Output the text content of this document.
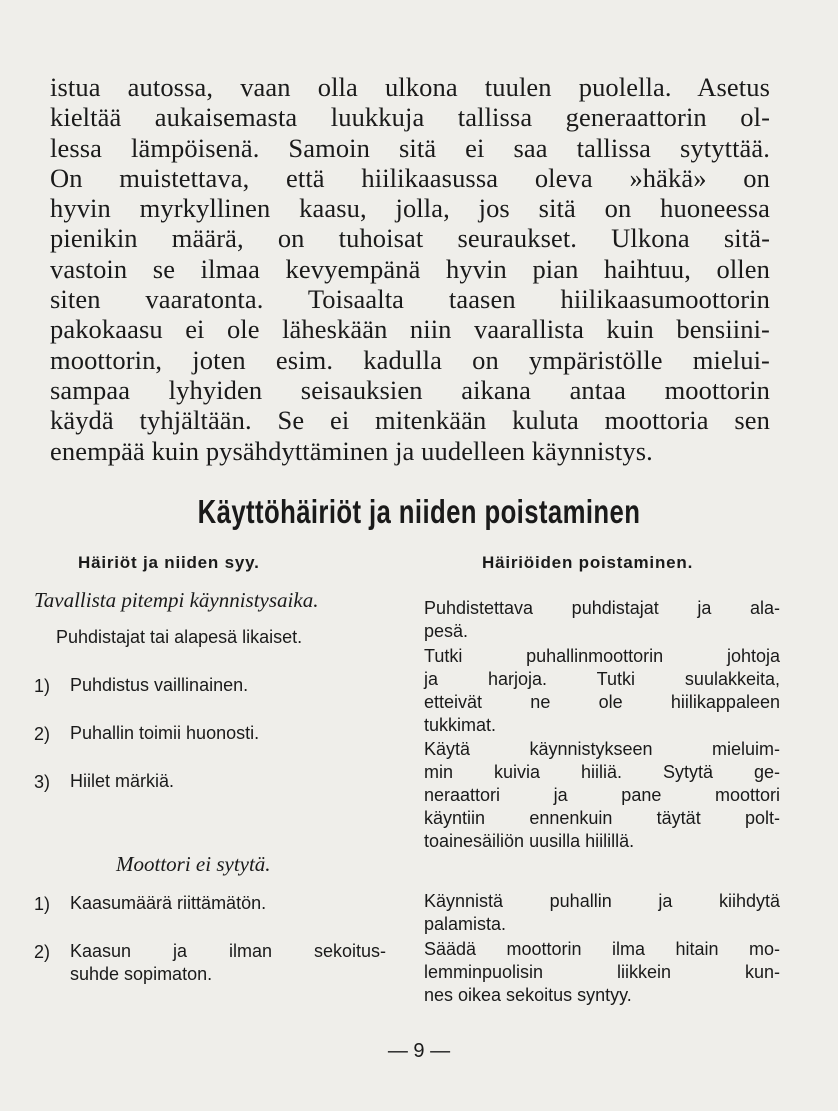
istua autossa, vaan olla ulkona tuulen puolella. Asetus
kieltää aukaisemasta luukkuja tallissa generaattorin ol-
lessa lämpöisenä. Samoin sitä ei saa tallissa sytyttää.
On muistettava, että hiilikaasussa oleva »häkä» on
hyvin myrkyllinen kaasu, jolla, jos sitä on huoneessa
pienikin määrä, on tuhoisat seuraukset. Ulkona sitä-
vastoin se ilmaa kevyempänä hyvin pian haihtuu, ollen
siten vaaratonta. Toisaalta taasen hiilikaasumoottorin
pakokaasu ei ole läheskään niin vaarallista kuin bensiini-
moottorin, joten esim. kadulla on ympäristölle mielui-
sampaa lyhyiden seisauksien aikana antaa moottorin
käydä tyhjältään. Se ei mitenkään kuluta moottoria sen
enempää kuin pysähdyttäminen ja uudelleen käynnistys.
Käyttöhäiriöt ja niiden poistaminen
Häiriöt ja niiden syy.	Häiriöiden poistaminen.
Tavallista pitempi käynnistysaika.
Puhdistajat tai alapesä likaiset.
1) Puhdistus vaillinainen.
2) Puhallin toimii huonosti.
3) Hiilet märkiä.
Puhdistettava puhdistajat ja ala-
pesä.
Tutki puhallinmoottorin johtoja
ja harjoja. Tutki suulakkeita,
etteivät ne ole hiilikappaleen
tukkimat.
Käytä käynnistykseen mieluim-
min kuivia hiiliä. Sytytä ge-
neraattori ja pane moottori
käyntiin ennenkuin täytät polt-
toainesäiliön uusilla hiilillä.
Moottori ei sytytä.
1) Kaasumäärä riittämätön.
2) Kaasun ja ilman sekoitus-
suhde sopimaton.
Käynnistä puhallin ja kiihdytä
palamista.
Säädä moottorin ilma hitain mo-
lemminpuolisin liikkein kun-
nes oikea sekoitus syntyy.
— 9 —
